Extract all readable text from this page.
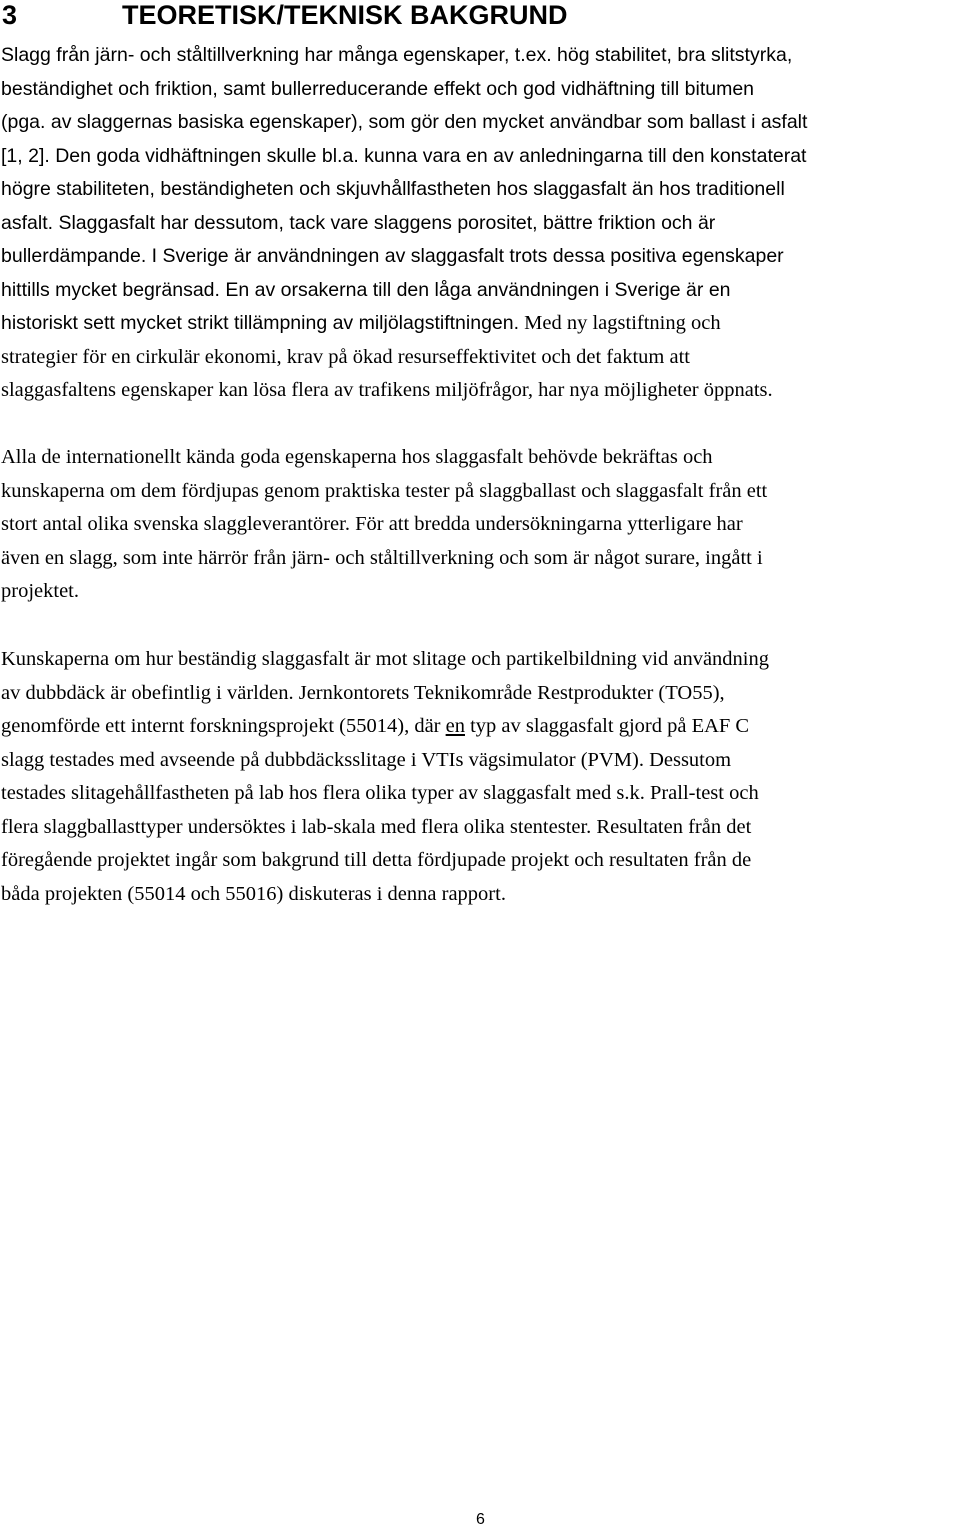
3	TEORETISK/TEKNISK BAKGRUND

Slagg från järn- och ståltillverkning har många egenskaper, t.ex. hög stabilitet, bra slitstyrka,
beständighet och friktion, samt bullerreducerande effekt och god vidhäftning till bitumen
(pga. av slaggernas basiska egenskaper), som gör den mycket användbar som ballast i asfalt
[1, 2]. Den goda vidhäftningen skulle bl.a. kunna vara en av anledningarna till den konstaterat
högre stabiliteten, beständigheten och skjuvhållfastheten hos slaggasfalt än hos traditionell
asfalt. Slaggasfalt har dessutom, tack vare slaggens porositet, bättre friktion och är
bullerdämpande. I Sverige är användningen av slaggasfalt trots dessa positiva egenskaper
hittills mycket begränsad. En av orsakerna till den låga användningen i Sverige är en
historiskt sett mycket strikt tillämpning av miljölagstiftningen. Med ny lagstiftning och
strategier för en cirkulär ekonomi, krav på ökad resurseffektivitet och det faktum att
slaggasfaltens egenskaper kan lösa flera av trafikens miljöfrågor, har nya möjligheter öppnats.

Alla de internationellt kända goda egenskaperna hos slaggasfalt behövde bekräftas och
kunskaperna om dem fördjupas genom praktiska tester på slaggballast och slaggasfalt från ett
stort antal olika svenska slaggleverantörer. För att bredda undersökningarna ytterligare har
även en slagg, som inte härrör från järn- och ståltillverkning och som är något surare, ingått i
projektet.

Kunskaperna om hur beständig slaggasfalt är mot slitage och partikelbildning vid användning
av dubbdäck är obefintlig i världen. Jernkontorets Teknikområde Restprodukter (TO55),
genomförde ett internt forskningsprojekt (55014), där en typ av slaggasfalt gjord på EAF C
slagg testades med avseende på dubbdäcksslitage i VTIs vägsimulator (PVM). Dessutom
testades slitagehållfastheten på lab hos flera olika typer av slaggasfalt med s.k. Prall-test och
flera slaggballasttyper undersöktes i lab-skala med flera olika stentester. Resultaten från det
föregående projektet ingår som bakgrund till detta fördjupade projekt och resultaten från de
båda projekten (55014 och 55016) diskuteras i denna rapport.

6
